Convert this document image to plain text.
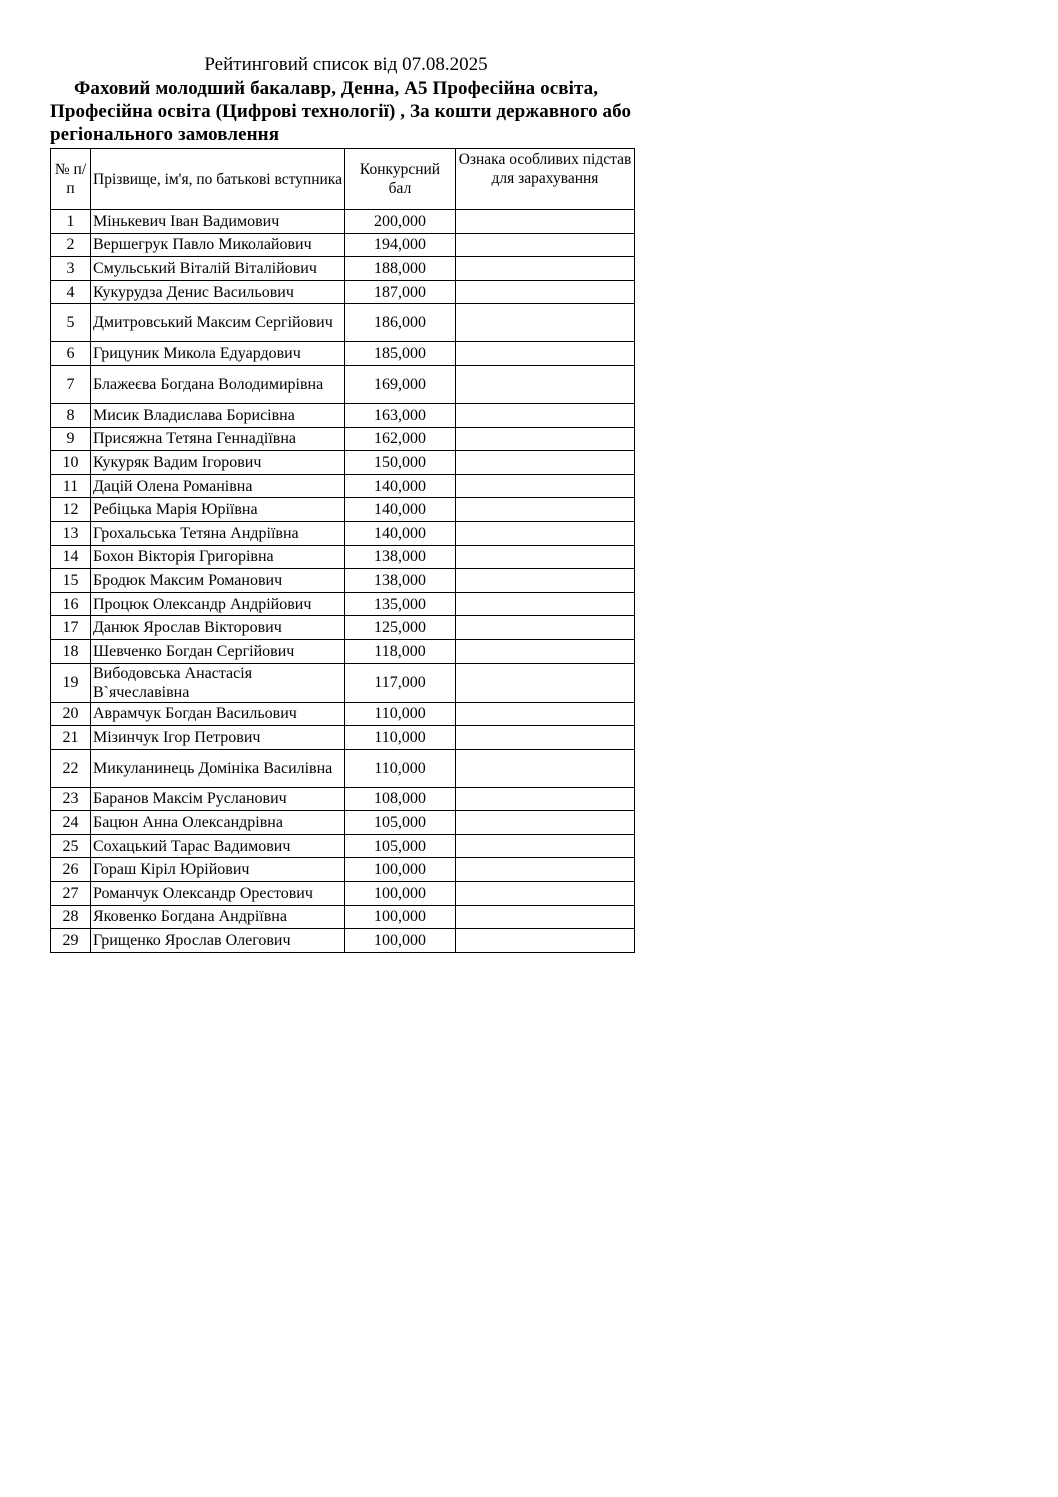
Рейтинговий список від 07.08.2025

Фаховий молодший бакалавр, Денна, A5 Професійна освіта, Професійна освіта (Цифрові технології) , За кошти державного або регіонального замовлення

№ п/п	Прізвище, ім'я, по батькові вступника	Конкурсний бал	Ознака особливих підстав для зарахування
1	Мінькевич Іван Вадимович	200,000	
2	Вершегрук Павло Миколайович	194,000	
3	Смульський Віталій Віталійович	188,000	
4	Кукурудза Денис Васильович	187,000	
5	Дмитровський Максим Сергійович	186,000	
6	Грицуник Микола Едуардович	185,000	
7	Блажеєва Богдана Володимирівна	169,000	
8	Мисик Владислава Борисівна	163,000	
9	Присяжна Тетяна Геннадіївна	162,000	
10	Кукуряк Вадим Ігорович	150,000	
11	Дацій Олена Романівна	140,000	
12	Ребіцька Марія Юріївна	140,000	
13	Грохальська Тетяна Андріївна	140,000	
14	Бохон Вікторія Григорівна	138,000	
15	Бродюк Максим Романович	138,000	
16	Процюк Олександр Андрійович	135,000	
17	Данюк Ярослав Вікторович	125,000	
18	Шевченко Богдан Сергійович	118,000	
19	Вибодовська Анастасія В`ячеславівна	117,000	
20	Аврамчук Богдан Васильович	110,000	
21	Мізинчук Ігор Петрович	110,000	
22	Микуланинець Домініка Василівна	110,000	
23	Баранов Максім Русланович	108,000	
24	Бацюн Анна Олександрівна	105,000	
25	Сохацький Тарас Вадимович	105,000	
26	Гораш Кіріл Юрійович	100,000	
27	Романчук Олександр Орестович	100,000	
28	Яковенко Богдана Андріївна	100,000	
29	Грищенко Ярослав Олегович	100,000	
